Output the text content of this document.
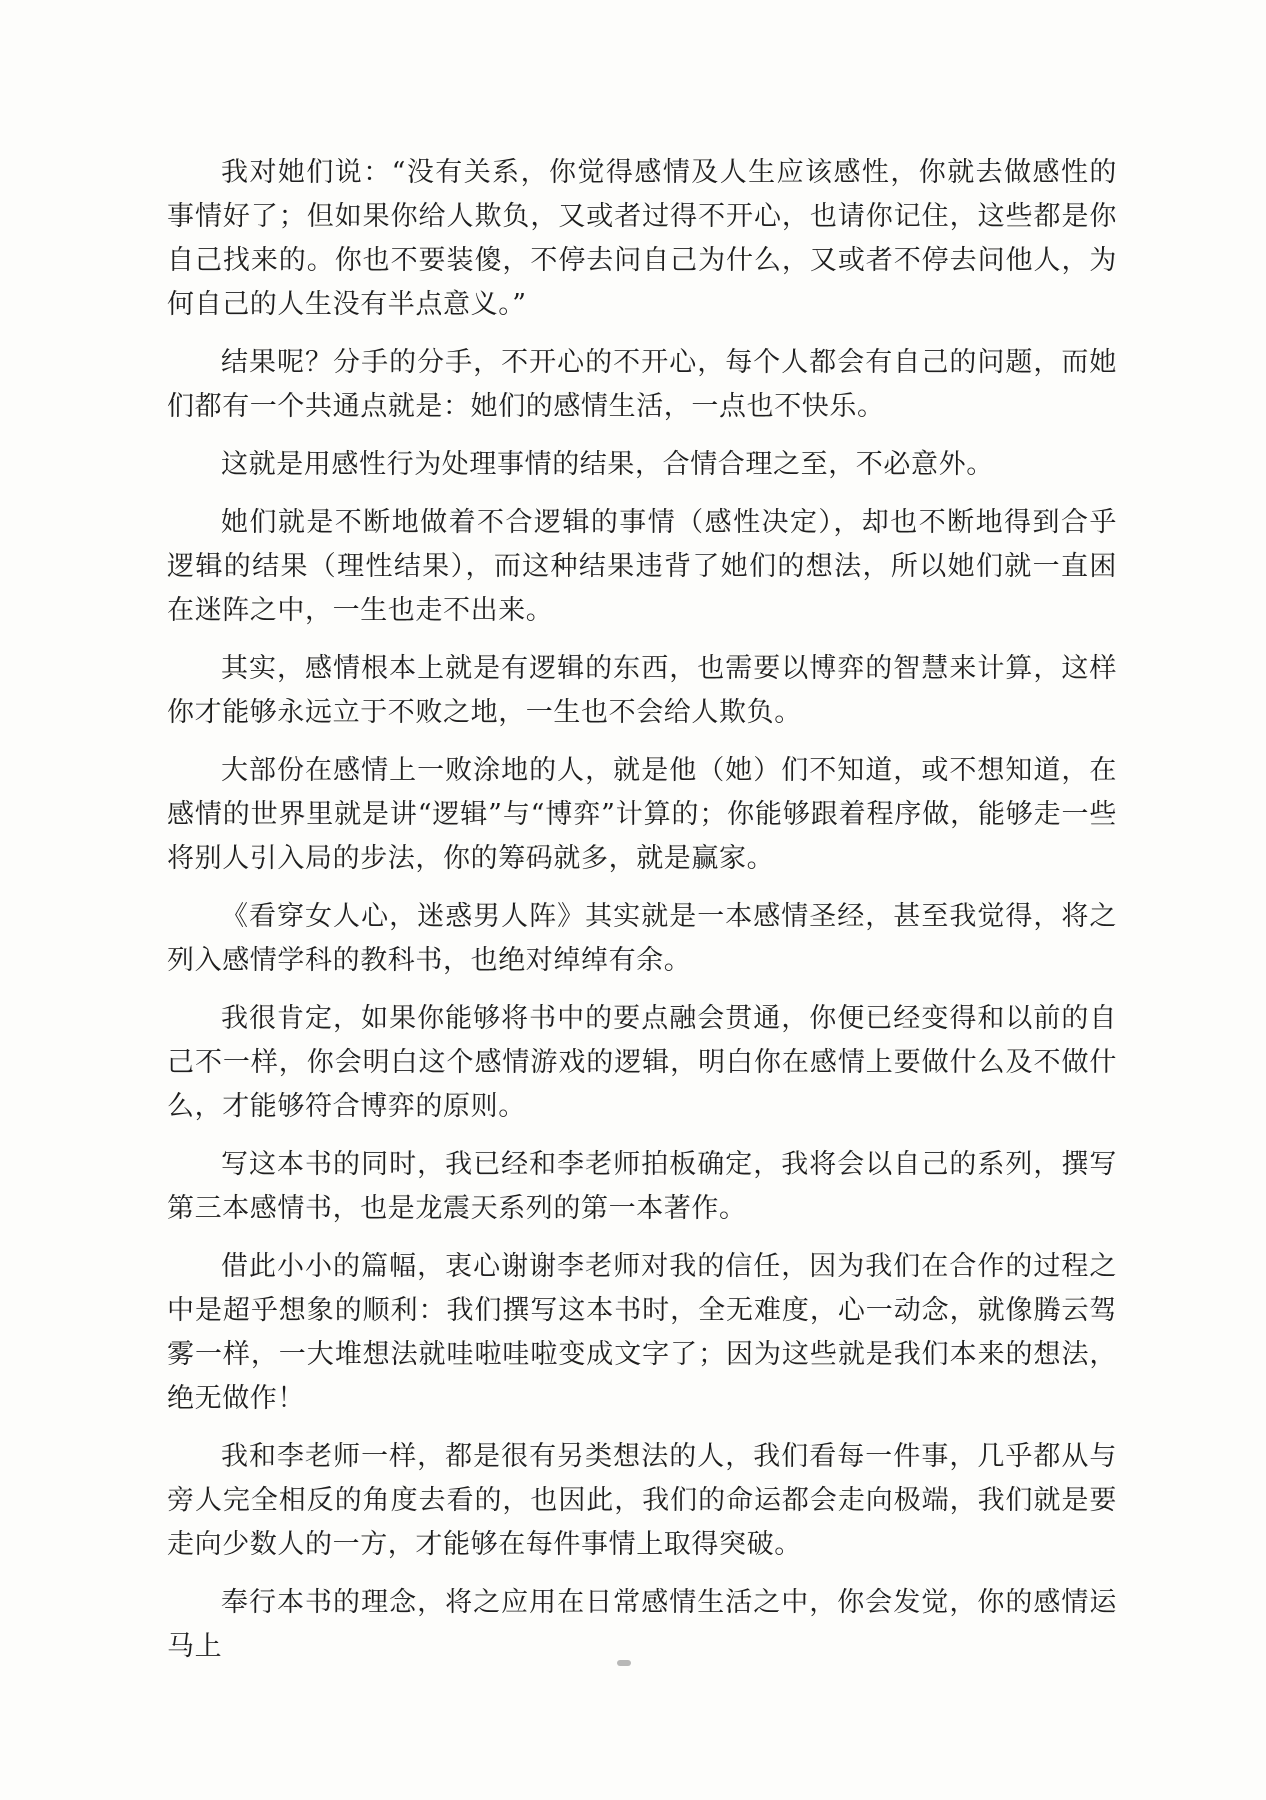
我对她们说：“没有关系，你觉得感情及人生应该感性，你就去做感性的事情好了；但如果你给人欺负，又或者过得不开心，也请你记住，这些都是你自己找来的。你也不要装傻，不停去问自己为什么，又或者不停去问他人，为何自己的人生没有半点意义。”

结果呢？分手的分手，不开心的不开心，每个人都会有自己的问题，而她们都有一个共通点就是：她们的感情生活，一点也不快乐。

这就是用感性行为处理事情的结果，合情合理之至，不必意外。

她们就是不断地做着不合逻辑的事情（感性决定），却也不断地得到合乎逻辑的结果（理性结果），而这种结果违背了她们的想法，所以她们就一直困在迷阵之中，一生也走不出来。

其实，感情根本上就是有逻辑的东西，也需要以博弈的智慧来计算，这样你才能够永远立于不败之地，一生也不会给人欺负。

大部份在感情上一败涂地的人，就是他（她）们不知道，或不想知道，在感情的世界里就是讲“逻辑”与“博弈”计算的；你能够跟着程序做，能够走一些将别人引入局的步法，你的筹码就多，就是赢家。

《看穿女人心，迷惑男人阵》其实就是一本感情圣经，甚至我觉得，将之列入感情学科的教科书，也绝对绰绰有余。

我很肯定，如果你能够将书中的要点融会贯通，你便已经变得和以前的自己不一样，你会明白这个感情游戏的逻辑，明白你在感情上要做什么及不做什么，才能够符合博弈的原则。

写这本书的同时，我已经和李老师拍板确定，我将会以自己的系列，撰写第三本感情书，也是龙震天系列的第一本著作。

借此小小的篇幅，衷心谢谢李老师对我的信任，因为我们在合作的过程之中是超乎想象的顺利：我们撰写这本书时，全无难度，心一动念，就像腾云驾雾一样，一大堆想法就哇啦哇啦变成文字了；因为这些就是我们本来的想法，绝无做作！

我和李老师一样，都是很有另类想法的人，我们看每一件事，几乎都从与旁人完全相反的角度去看的，也因此，我们的命运都会走向极端，我们就是要走向少数人的一方，才能够在每件事情上取得突破。

奉行本书的理念，将之应用在日常感情生活之中，你会发觉，你的感情运马上
